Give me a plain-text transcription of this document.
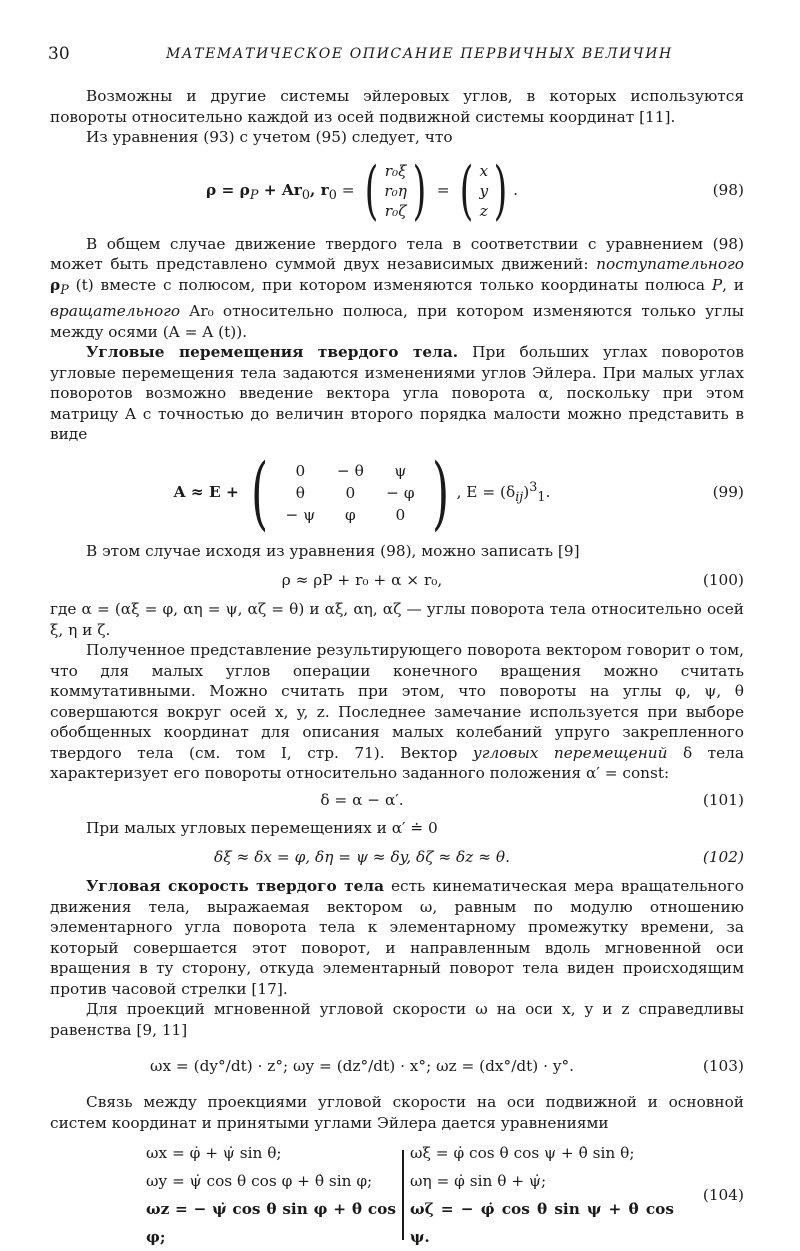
30	МАТЕМАТИЧЕСКОЕ ОПИСАНИЕ ПЕРВИЧНЫХ ВЕЛИЧИН

Возможны и другие системы эйлеровых углов, в которых используются повороты относительно каждой из осей подвижной системы координат [11].

Из уравнения (93) с учетом (95) следует, что

$\rho = \rho_P + Ar_0$, $r_0$ = ( r₀ξ
r₀η
r₀ζ ) = ( x
y
z ) .	(98)

В общем случае движение твердого тела в соответствии с уравнением (98) может быть представлено суммой двух независимых движений: поступательного $\rho_P$ (t) вместе с полюсом, при котором изменяются только координаты полюса P, и вращательного Ar₀ относительно полюса, при котором изменяются только углы между осями (A = A (t)).

Угловые перемещения твердого тела. При больших углах поворотов угловые перемещения тела задаются изменениями углов Эйлера. При малых углах поворотов возможно введение вектора угла поворота α, поскольку при этом матрицу A с точностью до величин второго порядка малости можно представить в виде

A ≈ E + (	0	− θ	ψ
θ	0	− φ
− ψ	φ	0 ) , $E = (\delta_{ij})^3_1$.	(99)

В этом случае исходя из уравнения (98), можно записать [9]

ρ ≈ ρP + r₀ + α × r₀,	(100)

где α = (αξ = φ, αη = ψ, αζ = θ) и αξ, αη, αζ — углы поворота тела относительно осей ξ, η и ζ.

Полученное представление результирующего поворота вектором говорит о том, что для малых углов операции конечного вращения можно считать коммутативными. Можно считать при этом, что повороты на углы φ, ψ, θ совершаются вокруг осей x, y, z. Последнее замечание используется при выборе обобщенных координат для описания малых колебаний упруго закрепленного твердого тела (см. том I, стр. 71). Вектор угловых перемещений δ тела характеризует его повороты относительно заданного положения α′ = const:

δ = α − α′.	(101)

При малых угловых перемещениях и α′ ≐ 0

δξ ≈ δx = φ, δη = ψ ≈ δy, δζ ≈ δz ≈ θ.	(102)

Угловая скорость твердого тела есть кинематическая мера вращательного движения тела, выражаемая вектором ω, равным по модулю отношению элементарного угла поворота тела к элементарному промежутку времени, за который совершается этот поворот, и направленным вдоль мгновенной оси вращения в ту сторону, откуда элементарный поворот тела виден происходящим против часовой стрелки [17].

Для проекций мгновенной угловой скорости ω на оси x, y и z справедливы равенства [9, 11]

ωx = (dy°/dt) · z°; ωy = (dz°/dt) · x°; ωz = (dx°/dt) · y°.	(103)

Связь между проекциями угловой скорости на оси подвижной и основной систем координат и принятыми углами Эйлера дается уравнениями

ωx = φ̇ + ψ̇ sin θ;
ωy = ψ̇ cos θ cos φ + θ̇ sin φ;
ωz = − ψ̇ cos θ sin φ + θ̇ cos φ;
ωξ = φ̇ cos θ cos ψ + θ̇ sin θ;
ωη = φ̇ sin θ + ψ̇;
ωζ = − φ̇ cos θ sin ψ + θ̇ cos ψ.
(104)
